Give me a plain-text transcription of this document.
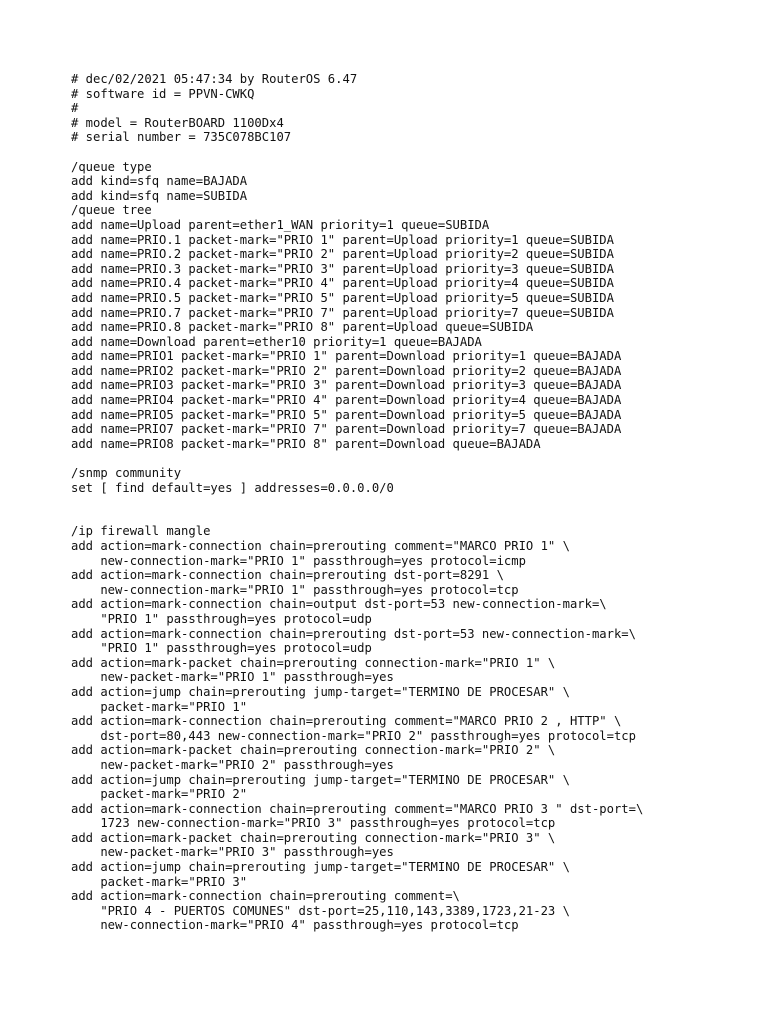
# dec/02/2021 05:47:34 by RouterOS 6.47
# software id = PPVN-CWKQ
#
# model = RouterBOARD 1100Dx4
# serial number = 735C078BC107
/queue type
add kind=sfq name=BAJADA
add kind=sfq name=SUBIDA
/queue tree
add name=Upload parent=ether1_WAN priority=1 queue=SUBIDA
add name=PRIO.1 packet-mark="PRIO 1" parent=Upload priority=1 queue=SUBIDA
add name=PRIO.2 packet-mark="PRIO 2" parent=Upload priority=2 queue=SUBIDA
add name=PRIO.3 packet-mark="PRIO 3" parent=Upload priority=3 queue=SUBIDA
add name=PRIO.4 packet-mark="PRIO 4" parent=Upload priority=4 queue=SUBIDA
add name=PRIO.5 packet-mark="PRIO 5" parent=Upload priority=5 queue=SUBIDA
add name=PRIO.7 packet-mark="PRIO 7" parent=Upload priority=7 queue=SUBIDA
add name=PRIO.8 packet-mark="PRIO 8" parent=Upload queue=SUBIDA
add name=Download parent=ether10 priority=1 queue=BAJADA
add name=PRIO1 packet-mark="PRIO 1" parent=Download priority=1 queue=BAJADA
add name=PRIO2 packet-mark="PRIO 2" parent=Download priority=2 queue=BAJADA
add name=PRIO3 packet-mark="PRIO 3" parent=Download priority=3 queue=BAJADA
add name=PRIO4 packet-mark="PRIO 4" parent=Download priority=4 queue=BAJADA
add name=PRIO5 packet-mark="PRIO 5" parent=Download priority=5 queue=BAJADA
add name=PRIO7 packet-mark="PRIO 7" parent=Download priority=7 queue=BAJADA
add name=PRIO8 packet-mark="PRIO 8" parent=Download queue=BAJADA
/snmp community
set [ find default=yes ] addresses=0.0.0.0/0
/ip firewall mangle
add action=mark-connection chain=prerouting comment="MARCO PRIO 1" \
new-connection-mark="PRIO 1" passthrough=yes protocol=icmp
add action=mark-connection chain=prerouting dst-port=8291 \
new-connection-mark="PRIO 1" passthrough=yes protocol=tcp
add action=mark-connection chain=output dst-port=53 new-connection-mark=\
"PRIO 1" passthrough=yes protocol=udp
add action=mark-connection chain=prerouting dst-port=53 new-connection-mark=\
"PRIO 1" passthrough=yes protocol=udp
add action=mark-packet chain=prerouting connection-mark="PRIO 1" \
new-packet-mark="PRIO 1" passthrough=yes
add action=jump chain=prerouting jump-target="TERMINO DE PROCESAR" \
packet-mark="PRIO 1"
add action=mark-connection chain=prerouting comment="MARCO PRIO 2 , HTTP" \
dst-port=80,443 new-connection-mark="PRIO 2" passthrough=yes protocol=tcp
add action=mark-packet chain=prerouting connection-mark="PRIO 2" \
new-packet-mark="PRIO 2" passthrough=yes
add action=jump chain=prerouting jump-target="TERMINO DE PROCESAR" \
packet-mark="PRIO 2"
add action=mark-connection chain=prerouting comment="MARCO PRIO 3 " dst-port=\
1723 new-connection-mark="PRIO 3" passthrough=yes protocol=tcp
add action=mark-packet chain=prerouting connection-mark="PRIO 3" \
new-packet-mark="PRIO 3" passthrough=yes
add action=jump chain=prerouting jump-target="TERMINO DE PROCESAR" \
packet-mark="PRIO 3"
add action=mark-connection chain=prerouting comment=\
"PRIO 4 - PUERTOS COMUNES" dst-port=25,110,143,3389,1723,21-23 \
new-connection-mark="PRIO 4" passthrough=yes protocol=tcp
